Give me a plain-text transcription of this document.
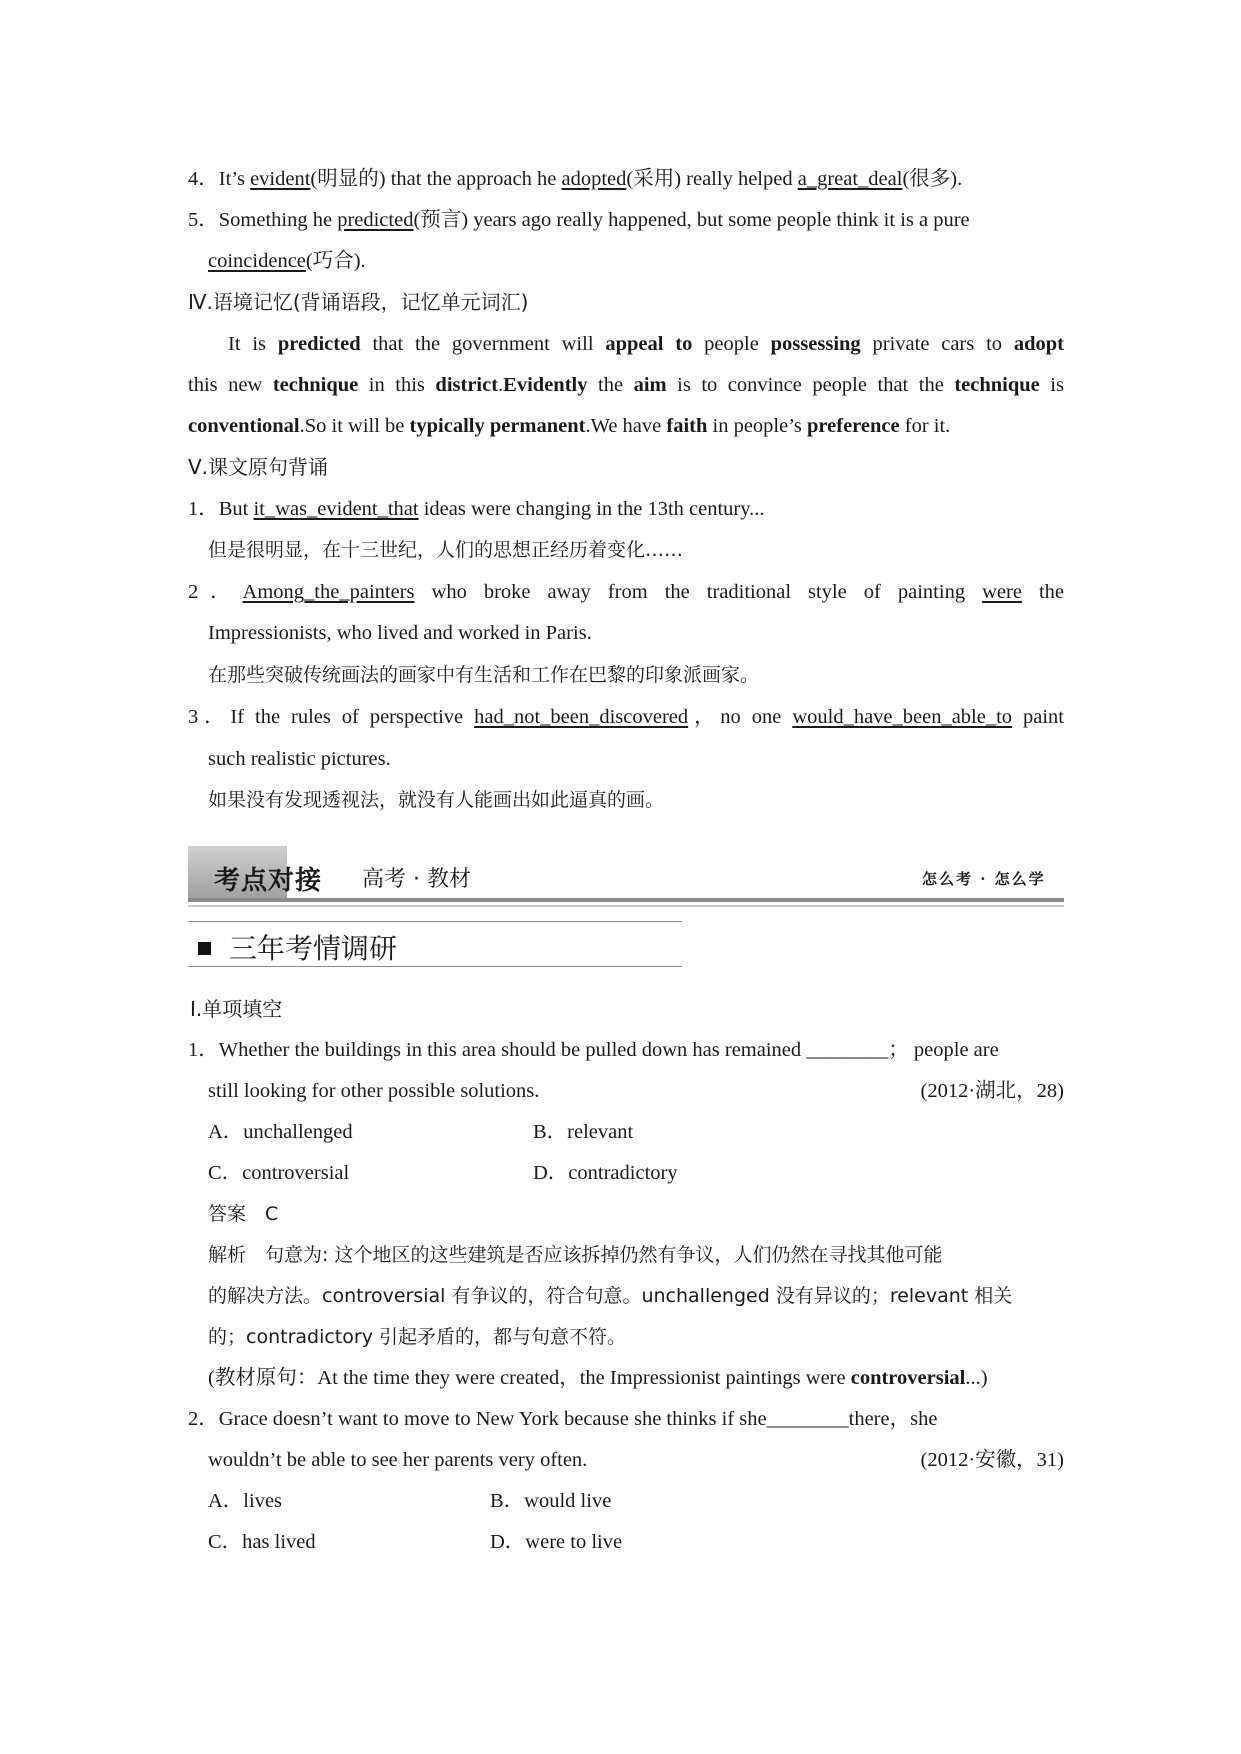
4．It’s evident(明显的) that the approach he adopted(采用) really helped a_great_deal(很多).
5．Something he predicted(预言) years ago really happened, but some people think it is a pure
coincidence(巧合).
Ⅳ.语境记忆(背诵语段，记忆单元词汇)
It is predicted that the government will appeal to people possessing private cars to adopt
this new technique in this district.Evidently the aim is to convince people that the technique is
conventional.So it will be typically permanent.We have faith in people’s preference for it.
Ⅴ.课文原句背诵
1．But it_was_evident_that ideas were changing in the 13th century...
但是很明显，在十三世纪，人们的思想正经历着变化……
2．Among_the_painters who broke away from the traditional style of painting were the
Impressionists, who lived and worked in Paris.
在那些突破传统画法的画家中有生活和工作在巴黎的印象派画家。
3．If the rules of perspective had_not_been_discovered，no one would_have_been_able_to paint
such realistic pictures.
如果没有发现透视法，就没有人能画出如此逼真的画。
考点对接 高考 · 教材	怎么考 · 怎么学
三年考情调研
Ⅰ.单项填空
1．Whether the buildings in this area should be pulled down has remained ________； people are
still looking for other possible solutions.	(2012·湖北，28)
A．unchallenged	B．relevant
C．controversial	D．contradictory
答案　C
解析　句意为: 这个地区的这些建筑是否应该拆掉仍然有争议，人们仍然在寻找其他可能
的解决方法。controversial 有争议的，符合句意。unchallenged 没有异议的；relevant 相关
的；contradictory 引起矛盾的，都与句意不符。
(教材原句：At the time they were created，the Impressionist paintings were controversial...)
2．Grace doesn’t want to move to New York because she thinks if she________there，she
wouldn’t be able to see her parents very often.	(2012·安徽，31)
A．lives	B．would live
C．has lived	D．were to live
